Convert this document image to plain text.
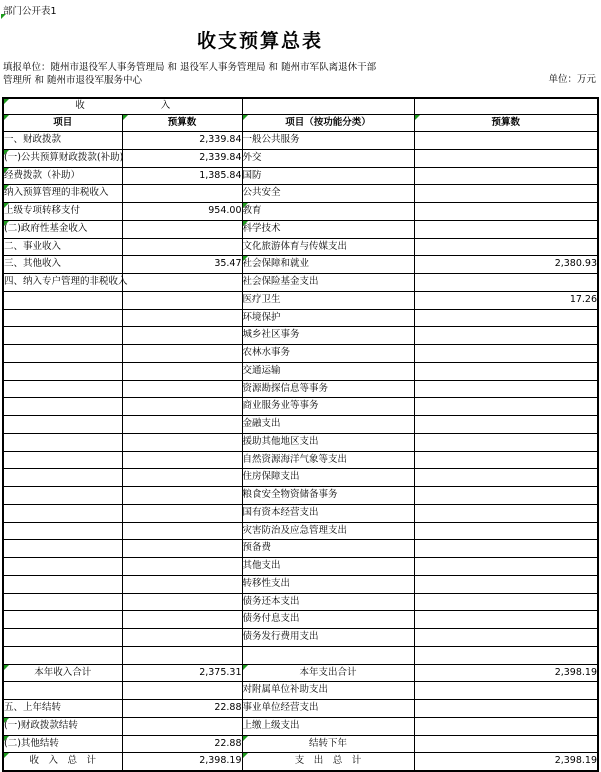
部门公开表1
收支预算总表
填报单位：随州市退役军人事务管理局 和 退役军人事务管理局 和 随州市军队离退休干部
管理所 和 随州市退役军服务中心	单位：万元
收　　　　　　　　入			

项目	预算数	项目（按功能分类）	预算数
一、财政拨款	2,339.84	一般公共服务	

(一)公共预算财政拨款(补助)	2,339.84	外交	

经费拨款（补助）	1,385.84	国防	

纳入预算管理的非税收入		公共安全	

上级专项转移支付	954.00	教育	

(二)政府性基金收入		科学技术	
二、事业收入		文化旅游体育与传媒支出	
三、其他收入	35.47	社会保障和就业	2,380.93
四、纳入专户管理的非税收入		社会保险基金支出	
		医疗卫生	17.26
		环境保护	
		城乡社区事务	
		农林水事务	
		交通运输	
		资源勘探信息等事务	
		商业服务业等事务	
		金融支出	
		援助其他地区支出	
		自然资源海洋气象等支出	
		住房保障支出	
		粮食安全物资储备事务	
		国有资本经营支出	
		灾害防治及应急管理支出	
		预备费	
		其他支出	
		转移性支出	
		债务还本支出	
		债务付息支出	
		债务发行费用支出	

本年收入合计	2,375.31	本年支出合计	2,398.19
		对附属单位补助支出	
五、上年结转	22.88	事业单位经营支出	

(一)财政拨款结转		上缴上级支出	

(二)其他结转	22.88	结转下年	

收　入　总　计	2,398.19	支　出　总　计	2,398.19
